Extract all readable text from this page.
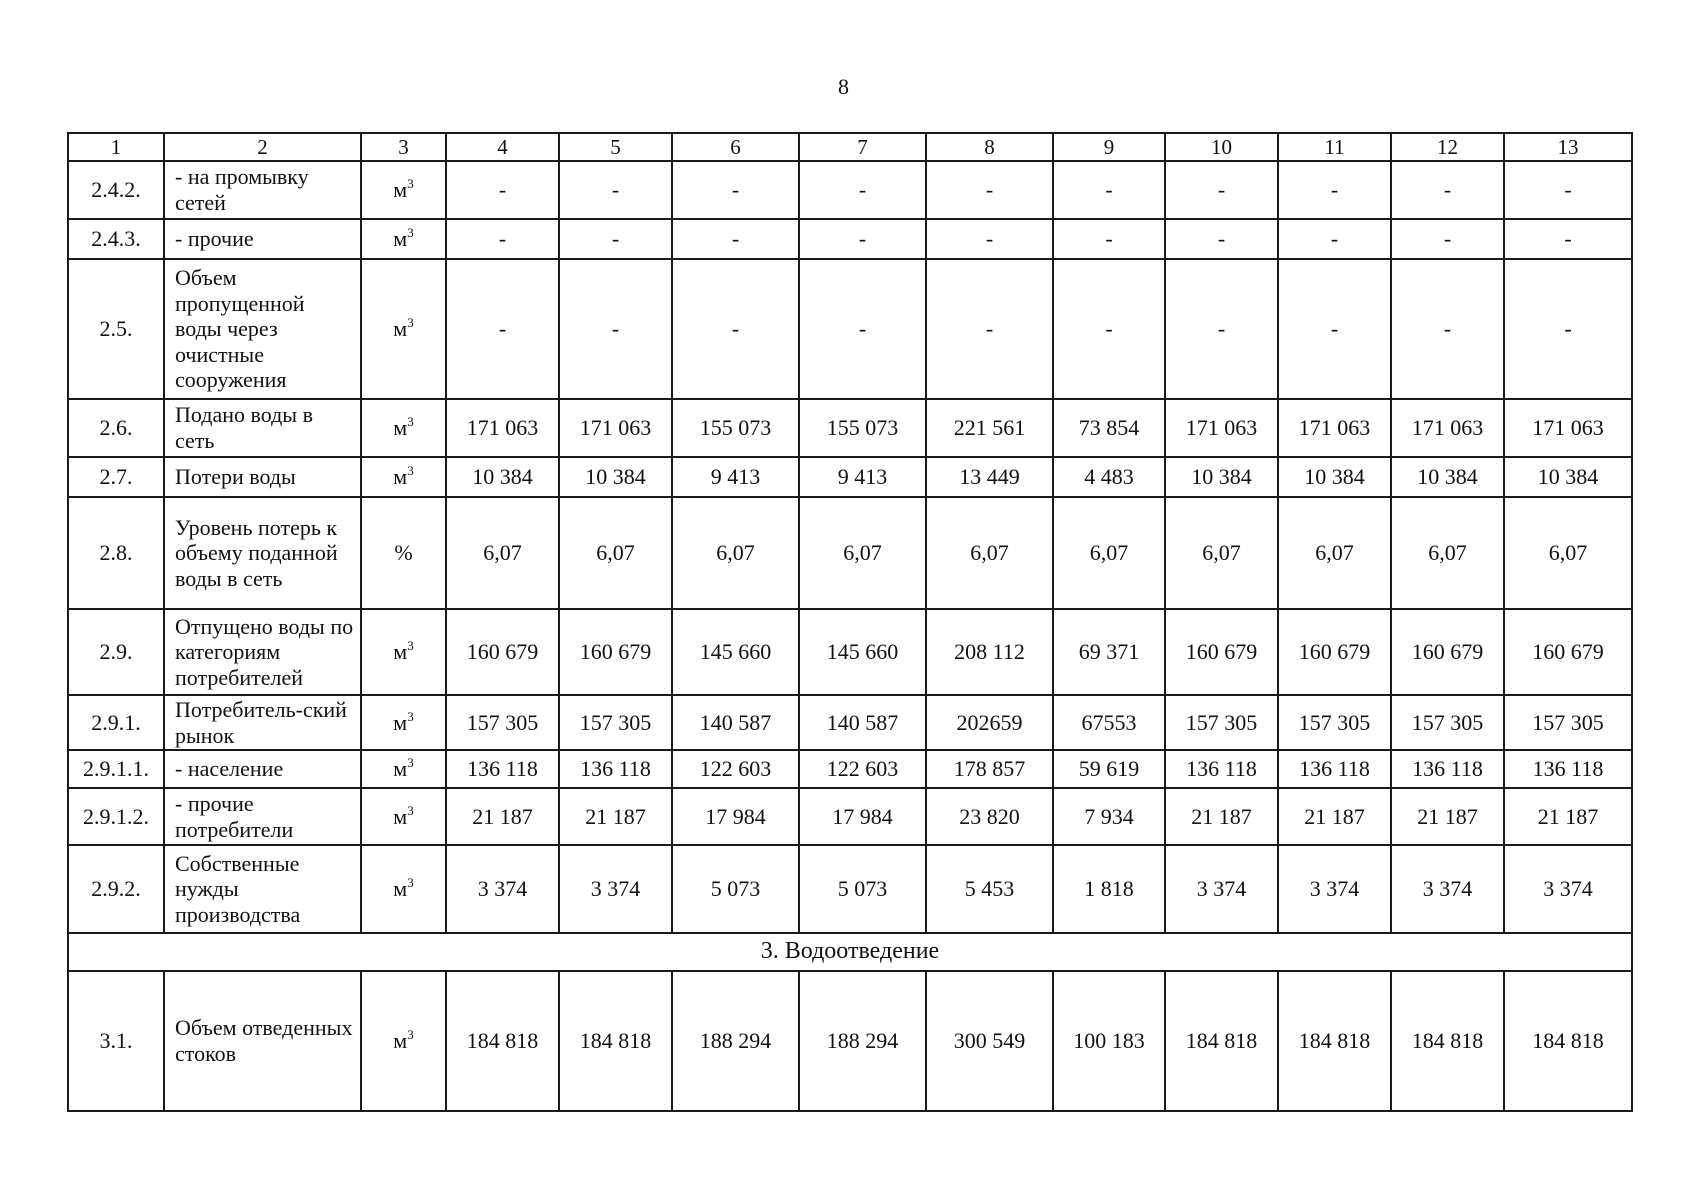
8
1	2	3	4	5	6	7	8	9	10	11	12	13
2.4.2.	- на промывку сетей	$м^3$	-	-	-	-	-	-	-	-	-	-
2.4.3.	- прочие	$м^3$	-	-	-	-	-	-	-	-	-	-
2.5.	Объем пропущенной воды через очистные сооружения	$м^3$	-	-	-	-	-	-	-	-	-	-
2.6.	Подано воды в сеть	$м^3$	171 063	171 063	155 073	155 073	221 561	73 854	171 063	171 063	171 063	171 063
2.7.	Потери воды	$м^3$	10 384	10 384	9 413	9 413	13 449	4 483	10 384	10 384	10 384	10 384
2.8.	Уровень потерь к объему поданной воды в сеть	%	6,07	6,07	6,07	6,07	6,07	6,07	6,07	6,07	6,07	6,07
2.9.	Отпущено воды по категориям потребителей	$м^3$	160 679	160 679	145 660	145 660	208 112	69 371	160 679	160 679	160 679	160 679
2.9.1.	Потребитель-ский рынок	$м^3$	157 305	157 305	140 587	140 587	202659	67553	157 305	157 305	157 305	157 305
2.9.1.1.	- население	$м^3$	136 118	136 118	122 603	122 603	178 857	59 619	136 118	136 118	136 118	136 118
2.9.1.2.	- прочие потребители	$м^3$	21 187	21 187	17 984	17 984	23 820	7 934	21 187	21 187	21 187	21 187
2.9.2.	Собственные нужды производства	$м^3$	3 374	3 374	5 073	5 073	5 453	1 818	3 374	3 374	3 374	3 374
3. Водоотведение												
3.1.	Объем отведенных стоков	$м^3$	184 818	184 818	188 294	188 294	300 549	100 183	184 818	184 818	184 818	184 818
